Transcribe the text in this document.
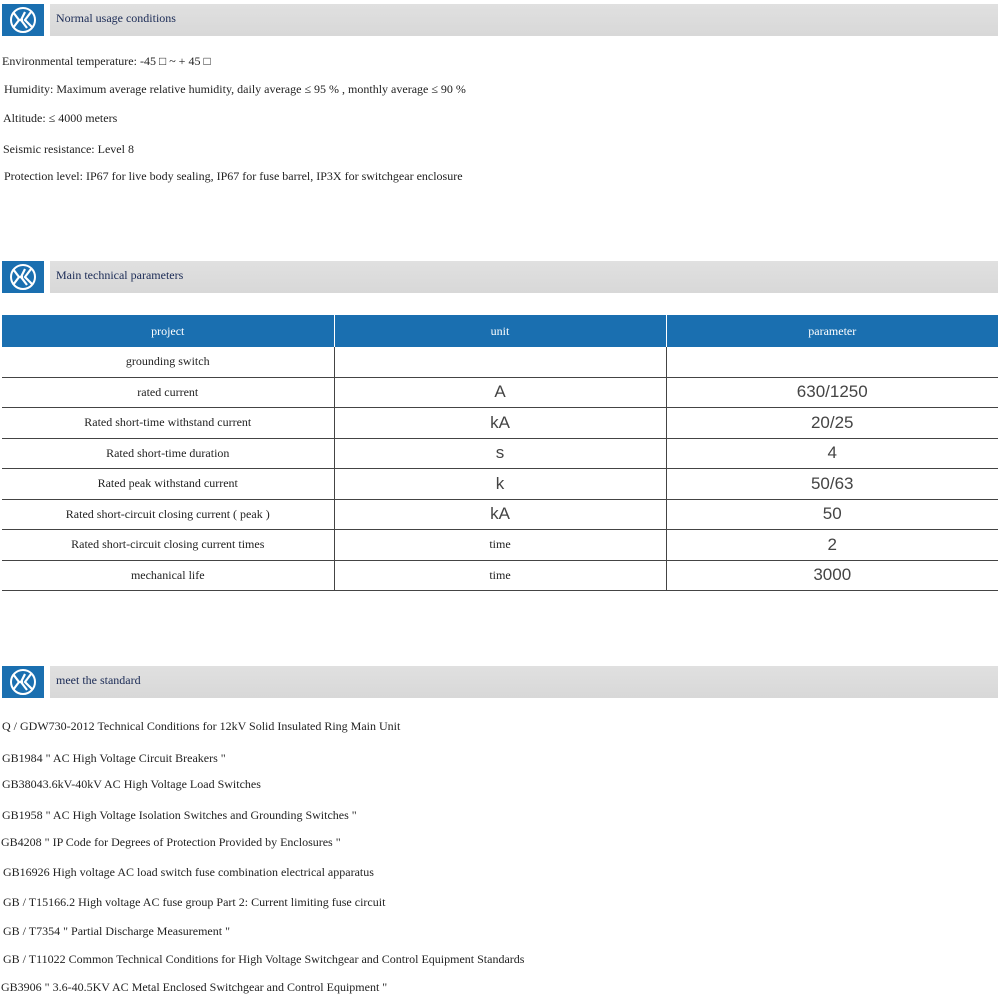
Normal usage conditions
Environmental temperature: -45 □ ~ + 45 □
Humidity: Maximum average relative humidity, daily average ≤ 95 % , monthly average ≤ 90 %
Altitude: ≤ 4000 meters
Seismic resistance: Level 8
Protection level: IP67 for live body sealing, IP67 for fuse barrel, IP3X for switchgear enclosure
Main technical parameters
project	unit	parameter
grounding switch		
rated current	A	630/1250
Rated short-time withstand current	kA	20/25
Rated short-time duration	s	4
Rated peak withstand current	k	50/63
Rated short-circuit closing current ( peak )	kA	50
Rated short-circuit closing current times	time	2
mechanical life	time	3000
meet the standard
Q / GDW730-2012 Technical Conditions for 12kV Solid Insulated Ring Main Unit
GB1984 " AC High Voltage Circuit Breakers "
GB38043.6kV-40kV AC High Voltage Load Switches
GB1958 " AC High Voltage Isolation Switches and Grounding Switches "
GB4208 " IP Code for Degrees of Protection Provided by Enclosures "
GB16926 High voltage AC load switch fuse combination electrical apparatus
GB / T15166.2 High voltage AC fuse group Part 2: Current limiting fuse circuit
GB / T7354 " Partial Discharge Measurement "
GB / T11022 Common Technical Conditions for High Voltage Switchgear and Control Equipment Standards
GB3906 " 3.6-40.5KV AC Metal Enclosed Switchgear and Control Equipment "
